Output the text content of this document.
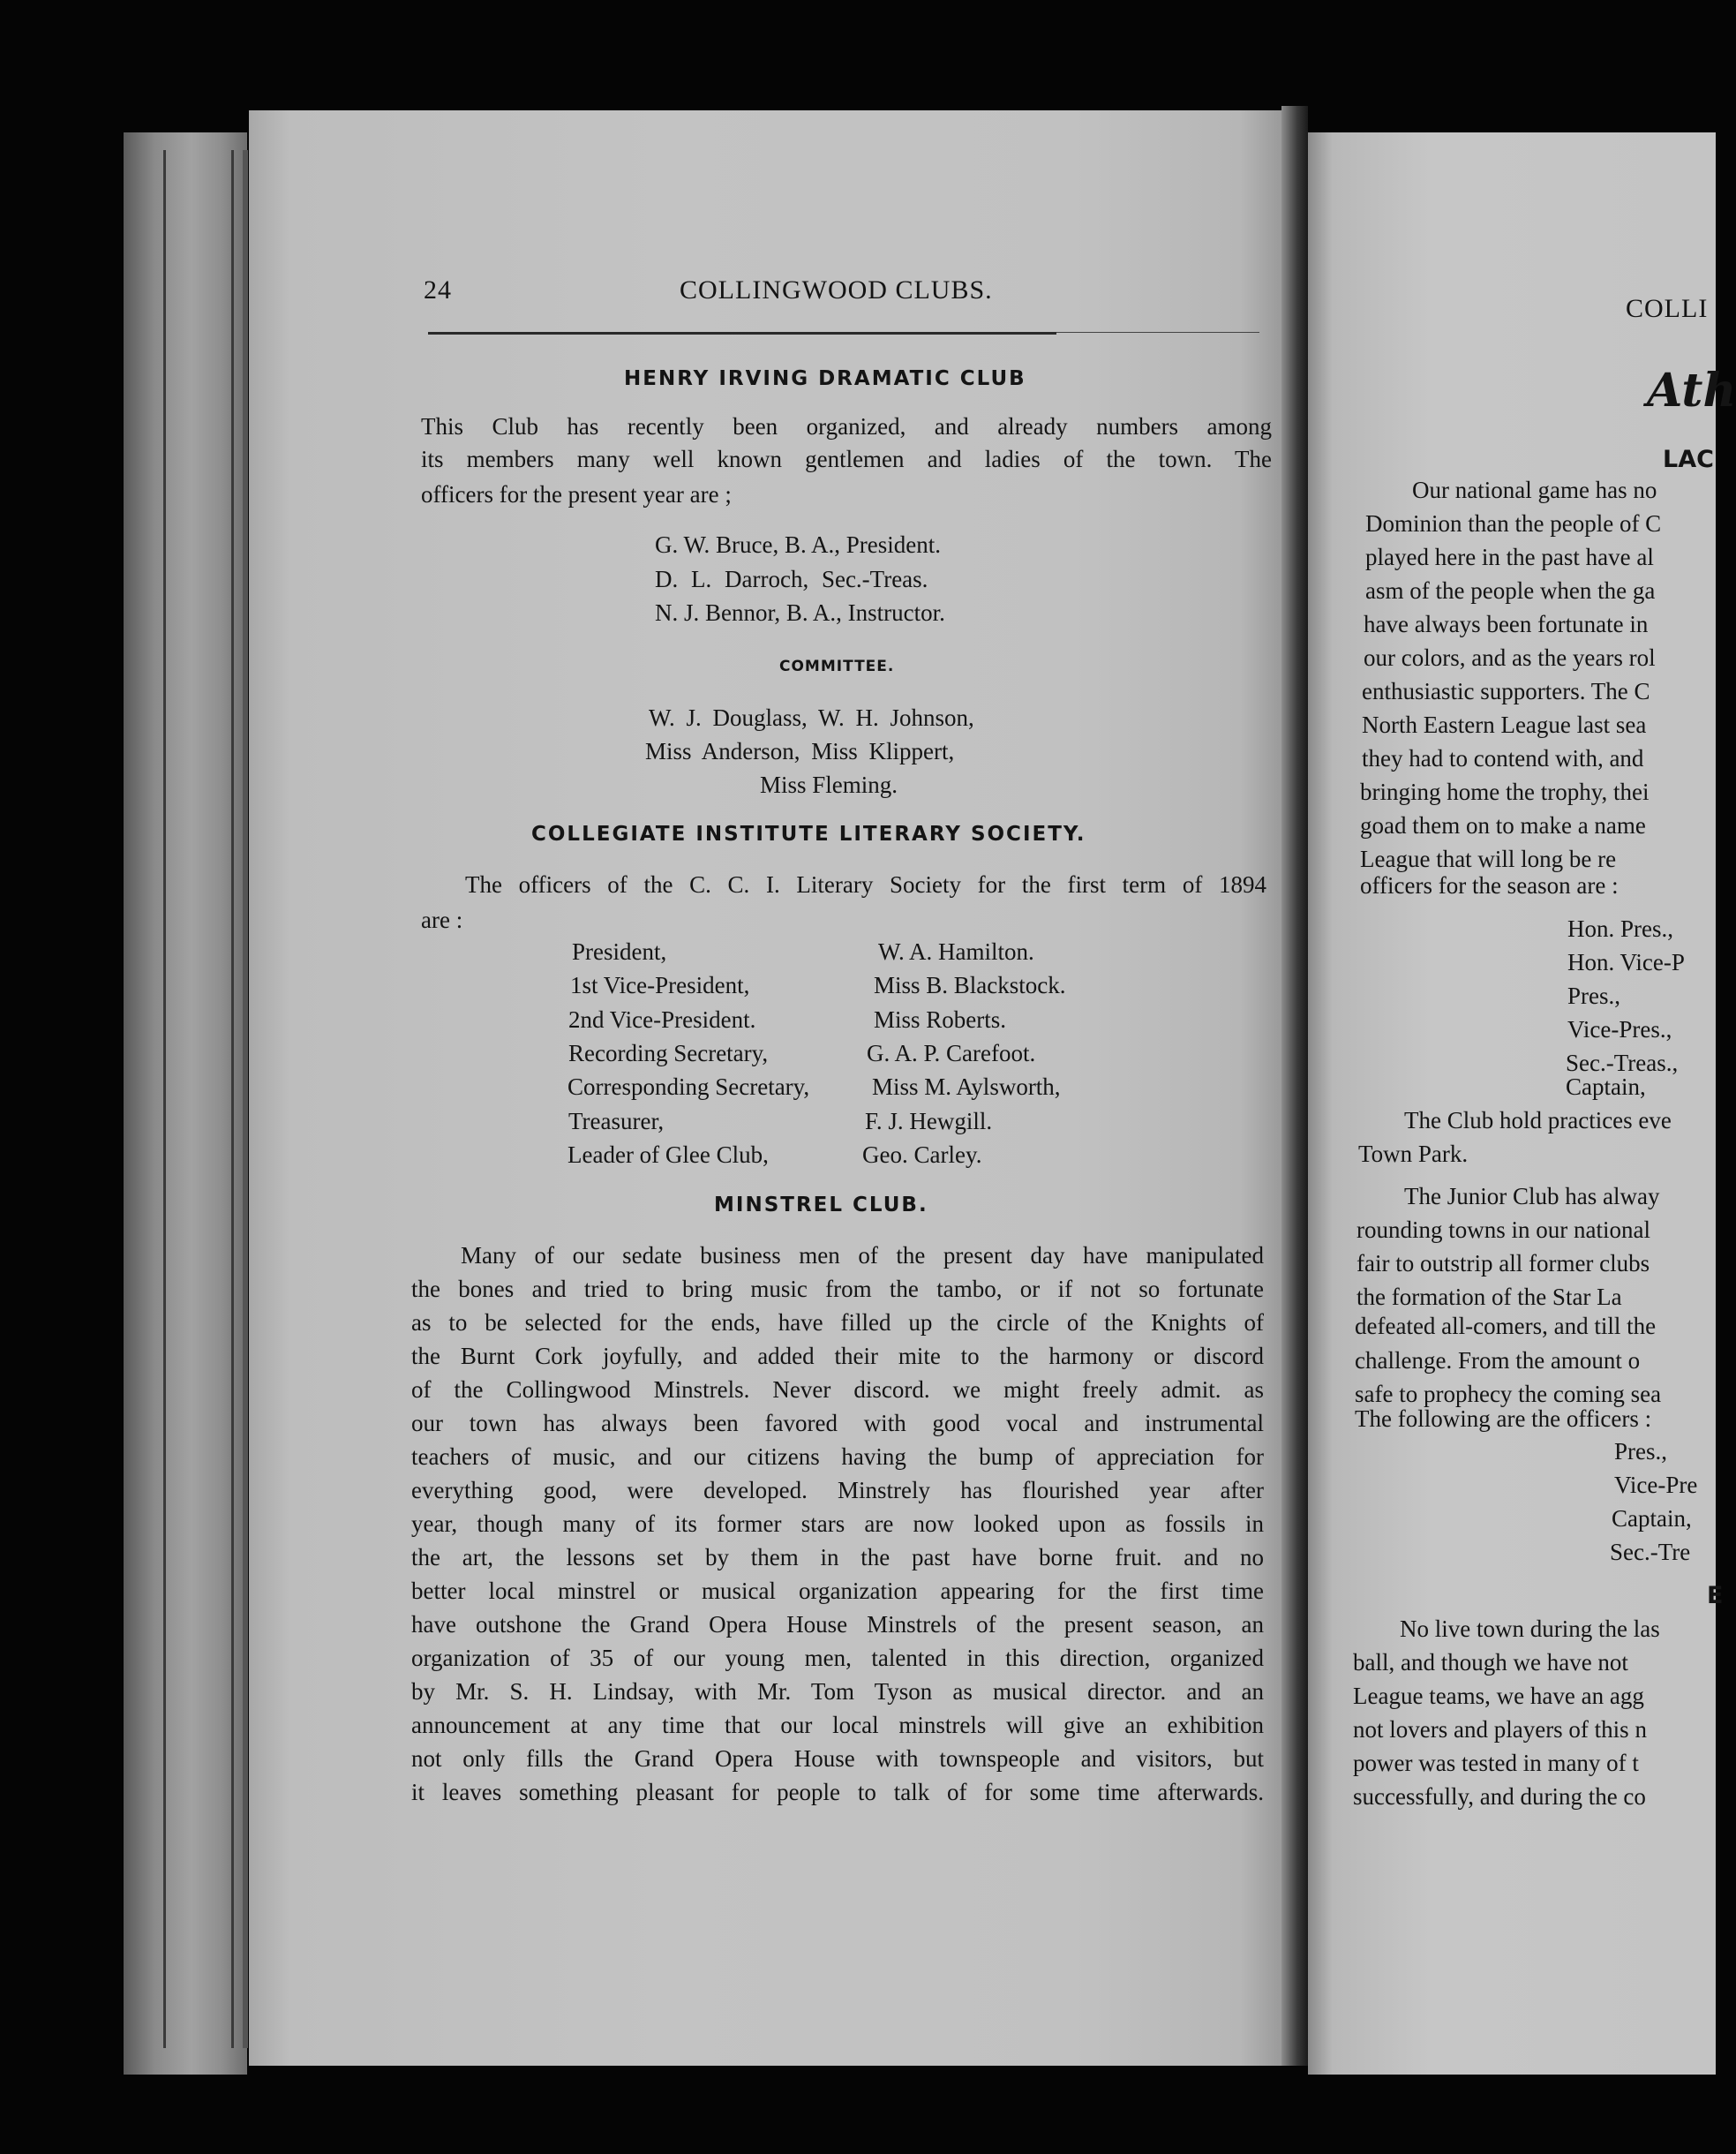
24	COLLINGWOOD CLUBS.
HENRY IRVING DRAMATIC CLUB
This Club has recently been organized, and already numbers among
its members many well known gentlemen and ladies of the town. The
officers for the present year are ;
G. W. Bruce, B. A., President.
D. L. Darroch, Sec.-Treas.
N. J. Bennor, B. A., Instructor.
COMMITTEE.
W. J. Douglass, W. H. Johnson,
Miss Anderson, Miss Klippert,
Miss Fleming.
COLLEGIATE INSTITUTE LITERARY SOCIETY.
The officers of the C. C. I. Literary Society for the first term of 1894
are :
President,	W. A. Hamilton.
1st Vice-President,	Miss B. Blackstock.
2nd Vice-President.	Miss Roberts.
Recording Secretary,	G. A. P. Carefoot.
Corresponding Secretary,	Miss M. Aylsworth,
Treasurer,	F. J. Hewgill.
Leader of Glee Club,	Geo. Carley.
MINSTREL CLUB.
Many of our sedate business men of the present day have manipulated
the bones and tried to bring music from the tambo, or if not so fortunate
as to be selected for the ends, have filled up the circle of the Knights of
the Burnt Cork joyfully, and added their mite to the harmony or discord
of the Collingwood Minstrels. Never discord. we might freely admit. as
our town has always been favored with good vocal and instrumental
teachers of music, and our citizens having the bump of appreciation for
everything good, were developed. Minstrely has flourished year after
year, though many of its former stars are now looked upon as fossils in
the art, the lessons set by them in the past have borne fruit. and no
better local minstrel or musical organization appearing for the first time
have outshone the Grand Opera House Minstrels of the present season, an
organization of 35 of our young men, talented in this direction, organized
by Mr. S. H. Lindsay, with Mr. Tom Tyson as musical director. and an
announcement at any time that our local minstrels will give an exhibition
not only fills the Grand Opera House with townspeople and visitors, but
it leaves something pleasant for people to talk of for some time afterwards.
COLLI
Ath
LAC
Our national game has no
Dominion than the people of C
played here in the past have al
asm of the people when the ga
have always been fortunate in
our colors, and as the years rol
enthusiastic supporters. The C
North Eastern League last sea
they had to contend with, and
bringing home the trophy, thei
goad them on to make a name
League that will long be re
officers for the season are :
Hon. Pres.,
Hon. Vice-P
Pres.,
Vice-Pres.,
Sec.-Treas.,
Captain,
The Club hold practices eve
Town Park.
The Junior Club has alway
rounding towns in our national
fair to outstrip all former clubs
the formation of the Star La
defeated all-comers, and till the
challenge. From the amount o
safe to prophecy the coming sea
The following are the officers :
Pres.,
Vice-Pre
Captain,
Sec.-Tre
E
No live town during the las
ball, and though we have not
League teams, we have an agg
not lovers and players of this n
power was tested in many of t
successfully, and during the co
